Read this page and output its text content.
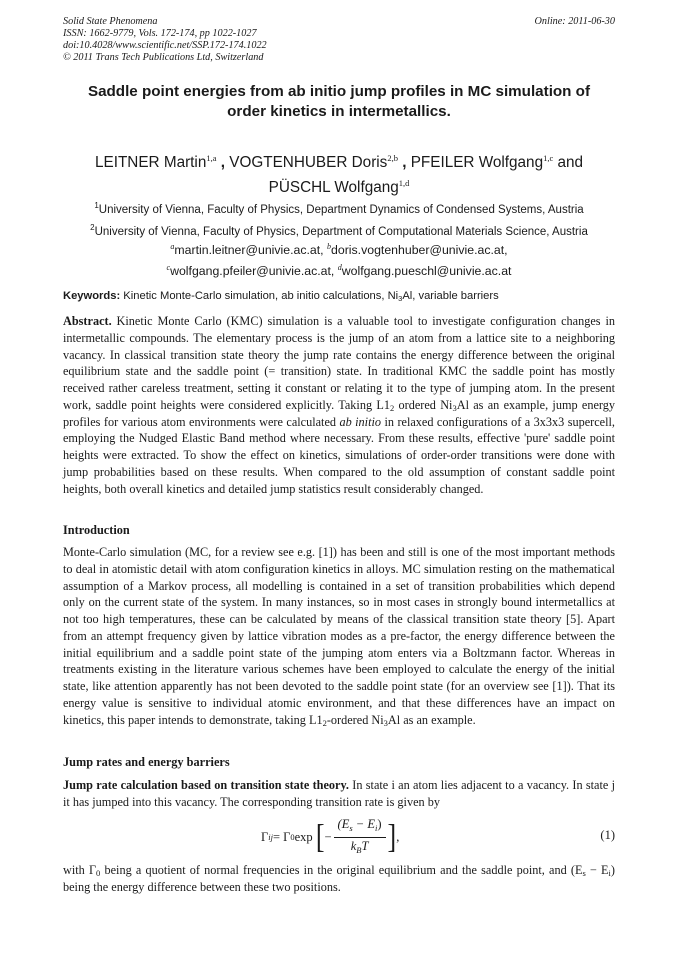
Solid State Phenomena
ISSN: 1662-9779, Vols. 172-174, pp 1022-1027
doi:10.4028/www.scientific.net/SSP.172-174.1022
© 2011 Trans Tech Publications Ltd, Switzerland
Online: 2011-06-30
Saddle point energies from ab initio jump profiles in MC simulation of
order kinetics in intermetallics.
LEITNER Martin$^{1,a}$ , VOGTENHUBER Doris$^{2,b}$ , PFEILER Wolfgang$^{1,c}$ and
PÜSCHL Wolfgang$^{1,d}$
$^1$University of Vienna, Faculty of Physics, Department Dynamics of Condensed Systems, Austria
$^2$University of Vienna, Faculty of Physics, Department of Computational Materials Science, Austria
$^a$martin.leitner@univie.ac.at, $^b$doris.vogtenhuber@univie.ac.at,
$^c$wolfgang.pfeiler@univie.ac.at, $^d$wolfgang.pueschl@univie.ac.at
Keywords: Kinetic Monte-Carlo simulation, ab initio calculations, $Ni_3Al$, variable barriers
Abstract. Kinetic Monte Carlo (KMC) simulation is a valuable tool to investigate configuration changes in intermetallic compounds. The elementary process is the jump of an atom from a lattice site to a neighboring vacancy. In classical transition state theory the jump rate contains the energy difference between the original equilibrium state and the saddle point (= transition) state. In traditional KMC the saddle point has mostly received rather careless treatment, setting it constant or relating it to the type of jumping atom. In the present work, saddle point heights were considered explicitly. Taking $L1_2$ ordered $Ni_3Al$ as an example, jump energy profiles for various atom environments were calculated ab initio in relaxed configurations of a 3x3x3 supercell, employing the Nudged Elastic Band method where necessary. From these results, effective 'pure' saddle point heights were extracted. To show the effect on kinetics, simulations of order-order transitions were done with jump probabilities based on these results. When compared to the old assumption of constant saddle point heights, both overall kinetics and detailed jump statistics result considerably changed.
Introduction
Monte-Carlo simulation (MC, for a review see e.g. [1]) has been and still is one of the most important methods to deal in atomistic detail with atom configuration kinetics in alloys. MC simulation resting on the mathematical assumption of a Markov process, all modelling is contained in a set of transition probabilities which depend only on the current state of the system. In many instances, so in most cases in strongly bound intermetallics at not too high temperatures, these can be calculated by means of the classical transition state theory [5]. Apart from an attempt frequency given by lattice vibration modes as a pre-factor, the energy difference between the initial equilibrium and a saddle point state of the jumping atom enters via a Boltzmann factor. Whereas in treatments existing in the literature various schemes have been employed to calculate the energy of the initial state, like attention apparently has not been devoted to the saddle point state (for an overview see [1]). That its energy value is sensitive to individual atomic environment, and that these differences have an impact on kinetics, this paper intends to demonstrate, taking $L1_2$-ordered $Ni_3Al$ as an example.
Jump rates and energy barriers
Jump rate calculation based on transition state theory. In state i an atom lies adjacent to a vacancy. In state j it has jumped into this vacancy. The corresponding transition rate is given by
Γ ij = Γ 0 exp
[ − $\frac{(E_s - E_i)}{k_BT}$ ] ,	(1)
with $\Gamma_0$ being a quotient of normal frequencies in the original equilibrium and the saddle point, and $(E_s - E_i)$ being the energy difference between these two positions.
